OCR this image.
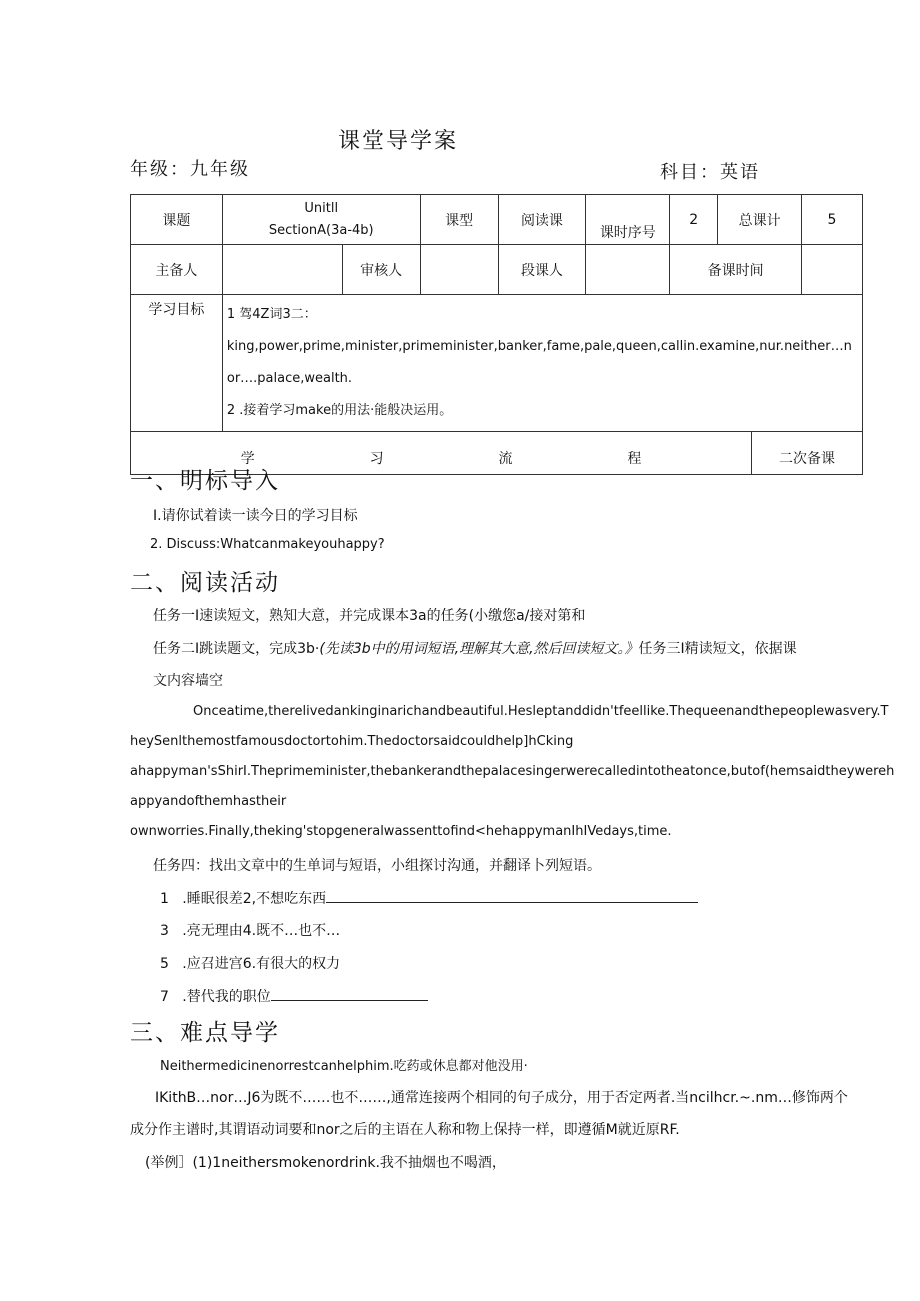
课堂导学案
年级：九年级	科目：英语
课题	Unitll
SectionA(3a-4b)		课型	阅读课	课时序号	2	总课计		5
主备人		审核人		段课人		备课时间			
学习目标	1 驾4Z词3二：
king,power,prime,minister,primeminister,banker,fame,pale,queen,callin.examine,nur.neither…nor….palace,wealth.
2 .接着学习make的用法·能般决运用。								

学 习 流 程								二次备课	
一、明标导入
I.请你试着读一读今日的学习目标
2. Discuss:Whatcanmakeyouhappy?
二、阅读活动
任务一I速读短文，熟知大意，并完成课本3a的任务(小缴您a/接对第和
任务二I跳读题文，完成3b·(先读3b中的用词短语,理解其大意,然后回读短文。》任务三I精读短文，依据课
文内容墙空
Onceatime,therelivedankinginarichandbeautiful.Hesleptanddidn'tfeellike.Thequeenandthepeoplewasvery.T
heySenlthemostfamousdoctortohim.Thedoctorsaidcouldhelp]hCking
ahappyman'sShirI.Theprimeminister,thebankerandthepalacesingerwerecalledintotheatonce,butof(hemsaidtheywereh
appyandofthemhastheir
ownworries.Finally,theking'stopgeneralwassenttofind<hehappymanIhIVedays,time.
任务四：找出文章中的生单词与短语，小组探讨沟通，并翻译卜列短语。
1 .睡眠很差2,不想吃东西
3 .亮无理由4.既不…也不…
5 .应召进宫6.有很大的权力
7 .替代我的职位
三、难点导学
Neithermedicinenorrestcanhelphim.吃药或休息都对他没用·
IKithB…nor…J6为既不……也不……,通常连接两个相同的句子成分，用于否定两者.当ncilhcr.~.nm…修饰两个
成分作主谱时,其谓语动词要和nor之后的主语在人称和物上保持一样，即遵循M就近原RF.
(举例］(1)1neithersmokenordrink.我不抽烟也不喝酒，
